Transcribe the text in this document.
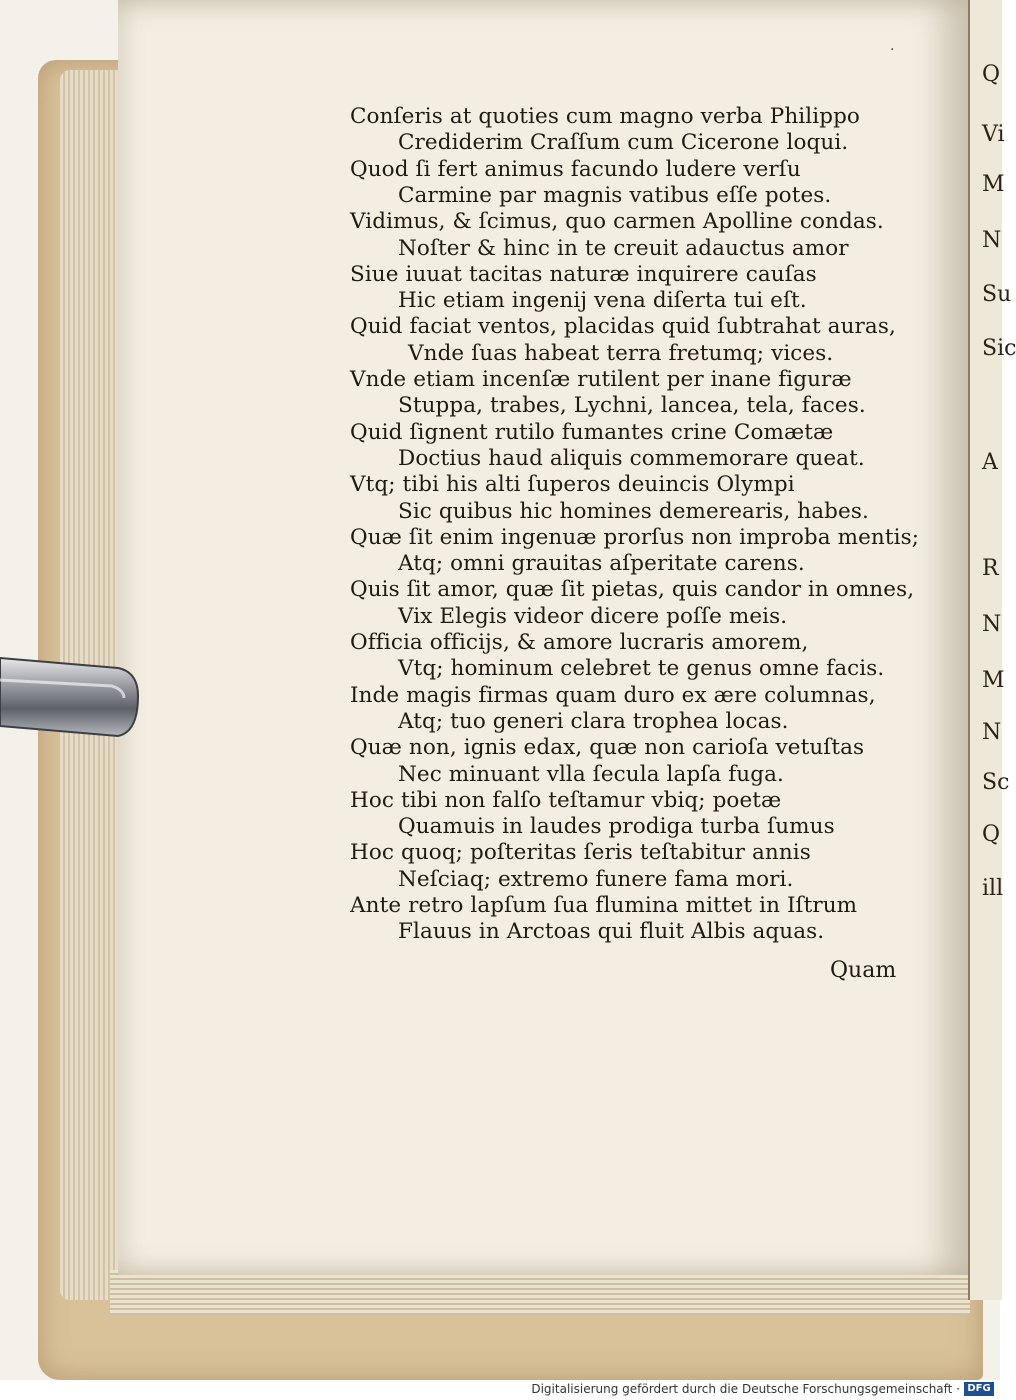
Q
Vi
M
N
Su
Sic
A
R
N
M
N
Sc
Q
ill
·
Conſeris at quoties cum magno verba Philippo
Crediderim Craſſum cum Cicerone loqui.
Quod ſi fert animus facundo ludere verſu
Carmine par magnis vatibus eſſe potes.
Vidimus, & ſcimus, quo carmen Apolline condas.
Noſter & hinc in te creuit adauctus amor
Siue iuuat tacitas naturæ inquirere cauſas
Hic etiam ingenij vena diſerta tui eſt.
Quid faciat ventos, placidas quid ſubtrahat auras,
Vnde ſuas habeat terra fretumq; vices.
Vnde etiam incenſæ rutilent per inane figuræ
Stuppa, trabes, Lychni, lancea, tela, faces.
Quid ſignent rutilo fumantes crine Comætæ
Doctius haud aliquis commemorare queat.
Vtq; tibi his alti ſuperos deuincis Olympi
Sic quibus hic homines demerearis, habes.
Quæ ſit enim ingenuæ prorſus non improba mentis;
Atq; omni grauitas aſperitate carens.
Quis ſit amor, quæ ſit pietas, quis candor in omnes,
Vix Elegis videor dicere poſſe meis.
Officia officijs, & amore lucraris amorem,
Vtq; hominum celebret te genus omne facis.
Inde magis firmas quam duro ex ære columnas,
Atq; tuo generi clara trophea locas.
Quæ non, ignis edax, quæ non carioſa vetuſtas
Nec minuant vlla ſecula lapſa fuga.
Hoc tibi non falſo teſtamur vbiq; poetæ
Quamuis in laudes prodiga turba ſumus
Hoc quoq; poſteritas ſeris teſtabitur annis
Neſciaq; extremo funere fama mori.
Ante retro lapſum ſua flumina mittet in Iſtrum
Flauus in Arctoas qui fluit Albis aquas.
Quam
Digitalisierung gefördert durch die Deutsche Forschungsgemeinschaft · DFG
